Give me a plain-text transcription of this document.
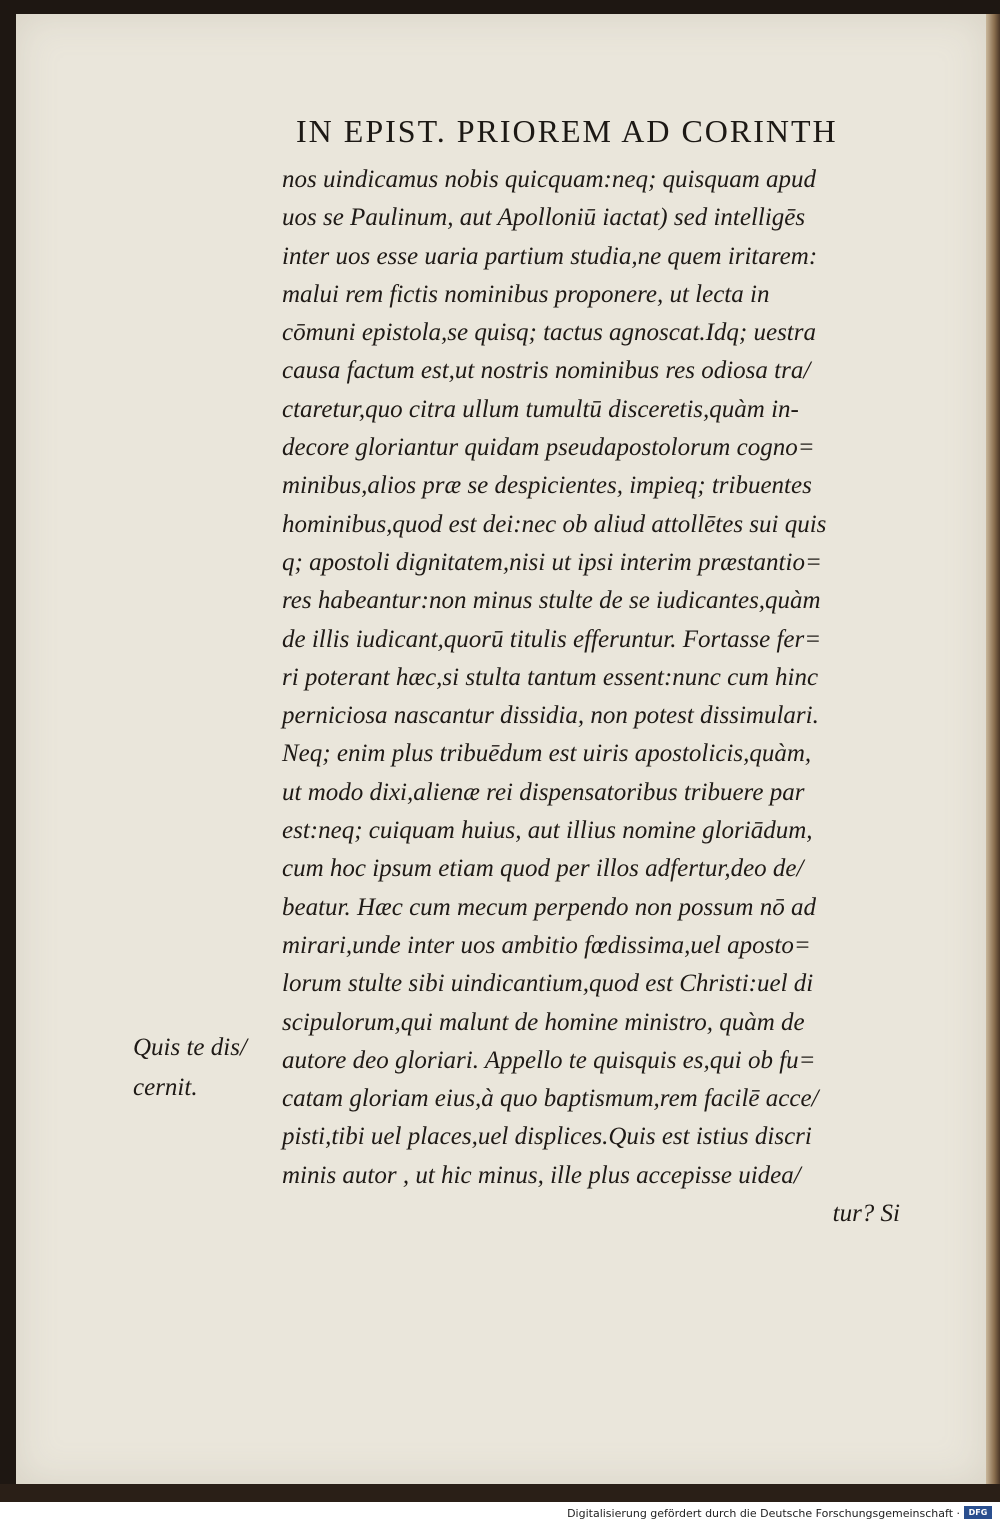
IN EPIST. PRIOREM AD CORINTH
nos uindicamus nobis quicquam:neq; quisquam apud
uos se Paulinum, aut Apolloniū iactat) sed intelligēs
inter uos esse uaria partium studia,ne quem iritarem:
malui rem fictis nominibus proponere, ut lecta in
cōmuni epistola,se quisq; tactus agnoscat.Idq; uestra
causa factum est,ut nostris nominibus res odiosa tra/
ctaretur,quo citra ullum tumultū disceretis,quàm in-
decore gloriantur quidam pseudapostolorum cogno=
minibus,alios præ se despicientes, impieq; tribuentes
hominibus,quod est dei:nec ob aliud attollētes sui quis
q; apostoli dignitatem,nisi ut ipsi interim præstantio=
res habeantur:non minus stulte de se iudicantes,quàm
de illis iudicant,quorū titulis efferuntur. Fortasse fer=
ri poterant hæc,si stulta tantum essent:nunc cum hinc
perniciosa nascantur dissidia, non potest dissimulari.
Neq; enim plus tribuēdum est uiris apostolicis,quàm,
ut modo dixi,alienæ rei dispensatoribus tribuere par
est:neq; cuiquam huius, aut illius nomine gloriādum,
cum hoc ipsum etiam quod per illos adfertur,deo de/
beatur. Hæc cum mecum perpendo non possum nō ad
mirari,unde inter uos ambitio fœdissima,uel aposto=
lorum stulte sibi uindicantium,quod est Christi:uel di
scipulorum,qui malunt de homine ministro, quàm de
autore deo gloriari. Appello te quisquis es,qui ob fu=
catam gloriam eius,à quo baptismum,rem facilē acce/
pisti,tibi uel places,uel displices.Quis est istius discri
minis autor , ut hic minus, ille plus accepisse uidea/
tur? Si
Quis te dis/
cernit.
Digitalisierung gefördert durch die Deutsche Forschungsgemeinschaft ·	DFG
